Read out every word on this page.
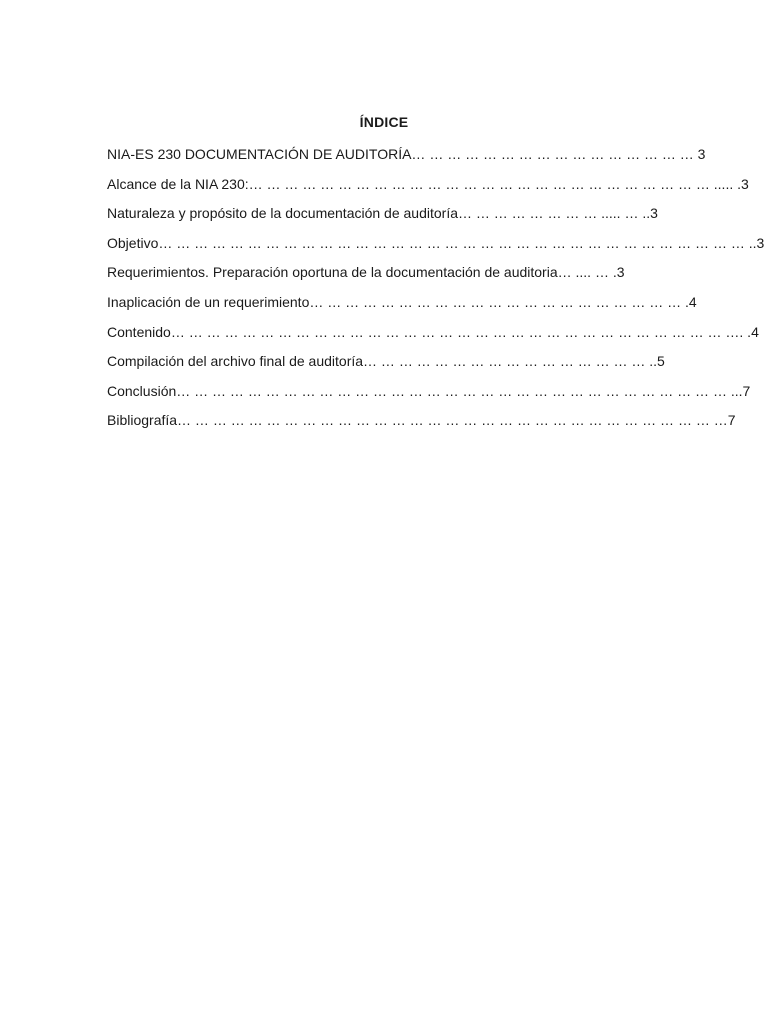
ÍNDICE
NIA-ES 230 DOCUMENTACIÓN DE AUDITORÍA… … … … … … … … … … … … … … … … 3
Alcance de la NIA 230:… … … … … … … … … … … … … … … … … … … … … … … … … … ..... .3
Naturaleza y propósito de la documentación de auditoría… … … … … … … … ..... … ..3
Objetivo… … … … … … … … … … … … … … … … … … … … … … … … … … … … … … … … … ..3
Requerimientos. Preparación oportuna de la documentación de auditoria… .... … .3
Inaplicación de un requerimiento… … … … … … … … … … … … … … … … … … … … … .4
Contenido… … … … … … … … … … … … … … … … … … … … … … … … … … … … … … … …. .4
Compilación del archivo final de auditoría… … … … … … … … … … … … … … … … ..5
Conclusión… … … … … … … … … … … … … … … … … … … … … … … … … … … … … … … ...7
Bibliografía… … … … … … … … … … … … … … … … … … … … … … … … … … … … … … …7
